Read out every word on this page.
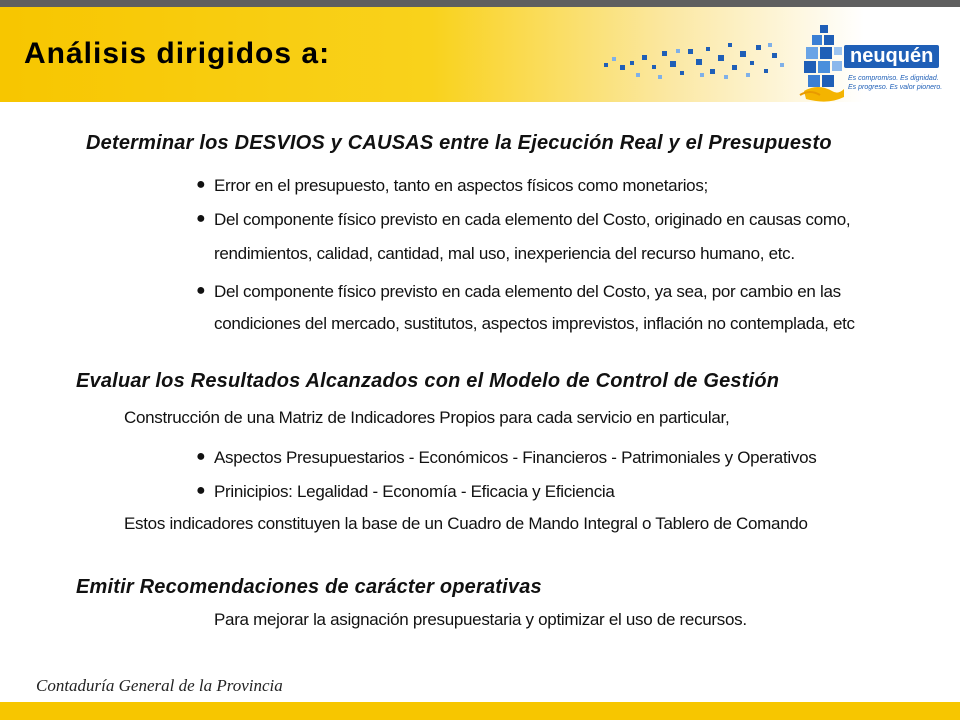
Análisis dirigidos a:	neuquén
Es compromiso. Es dignidad.
Es progreso. Es valor pionero.
Determinar los DESVIOS y CAUSAS entre la Ejecución Real y el Presupuesto
● Error en el presupuesto, tanto en aspectos físicos como monetarios;
● Del componente físico previsto en cada elemento del Costo, originado en causas como,
rendimientos, calidad, cantidad, mal uso, inexperiencia del recurso humano, etc.
● Del componente físico previsto en cada elemento del Costo, ya sea, por cambio en las
condiciones del mercado, sustitutos, aspectos imprevistos, inflación no contemplada, etc
Evaluar los Resultados Alcanzados con el Modelo de Control de Gestión
Construcción de una Matriz de Indicadores Propios para cada servicio en particular,
● Aspectos Presupuestarios - Económicos - Financieros - Patrimoniales y Operativos
● Prinicipios: Legalidad - Economía - Eficacia y Eficiencia
Estos indicadores constituyen la base de un Cuadro de Mando Integral o Tablero de Comando
Emitir Recomendaciones de carácter operativas
Para mejorar la asignación presupuestaria y optimizar el uso de recursos.
Contaduría General de la Provincia
